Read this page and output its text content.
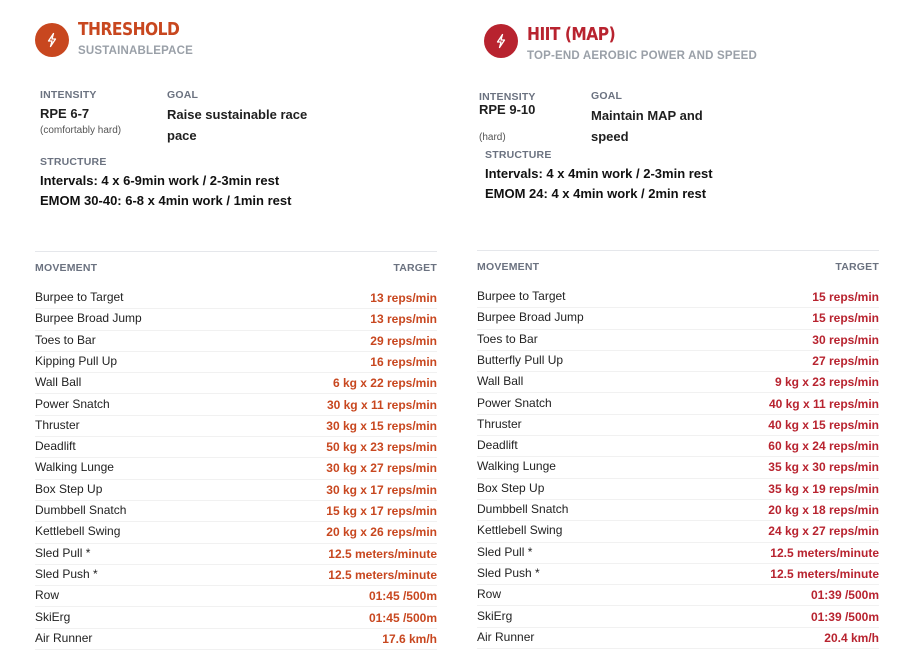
THRESHOLD
SUSTAINABLEPACE
INTENSITY
RPE 6-7
(comfortably hard)
GOAL
Raise sustainable race pace
STRUCTURE
Intervals: 4 x 6-9min work / 2-3min rest
EMOM 30-40: 6-8 x 4min work / 1min rest
MOVEMENT	TARGET
Burpee to Target	13 reps/min
Burpee Broad Jump	13 reps/min
Toes to Bar	29 reps/min
Kipping Pull Up	16 reps/min
Wall Ball	6 kg x 22 reps/min
Power Snatch	30 kg x 11 reps/min
Thruster	30 kg x 15 reps/min
Deadlift	50 kg x 23 reps/min
Walking Lunge	30 kg x 27 reps/min
Box Step Up	30 kg x 17 reps/min
Dumbbell Snatch	15 kg x 17 reps/min
Kettlebell Swing	20 kg x 26 reps/min
Sled Pull *	12.5 meters/minute
Sled Push *	12.5 meters/minute
Row	01:45 /500m
SkiErg	01:45 /500m
Air Runner	17.6 km/h
HIIT (MAP)
TOP-END AEROBIC POWER AND SPEED
INTENSITY
RPE 9-10
(hard)
GOAL
Maintain MAP and speed
STRUCTURE
Intervals: 4 x 4min work / 2-3min rest
EMOM 24: 4 x 4min work / 2min rest
MOVEMENT	TARGET
Burpee to Target	15 reps/min
Burpee Broad Jump	15 reps/min
Toes to Bar	30 reps/min
Butterfly Pull Up	27 reps/min
Wall Ball	9 kg x 23 reps/min
Power Snatch	40 kg x 11 reps/min
Thruster	40 kg x 15 reps/min
Deadlift	60 kg x 24 reps/min
Walking Lunge	35 kg x 30 reps/min
Box Step Up	35 kg x 19 reps/min
Dumbbell Snatch	20 kg x 18 reps/min
Kettlebell Swing	24 kg x 27 reps/min
Sled Pull *	12.5 meters/minute
Sled Push *	12.5 meters/minute
Row	01:39 /500m
SkiErg	01:39 /500m
Air Runner	20.4 km/h
